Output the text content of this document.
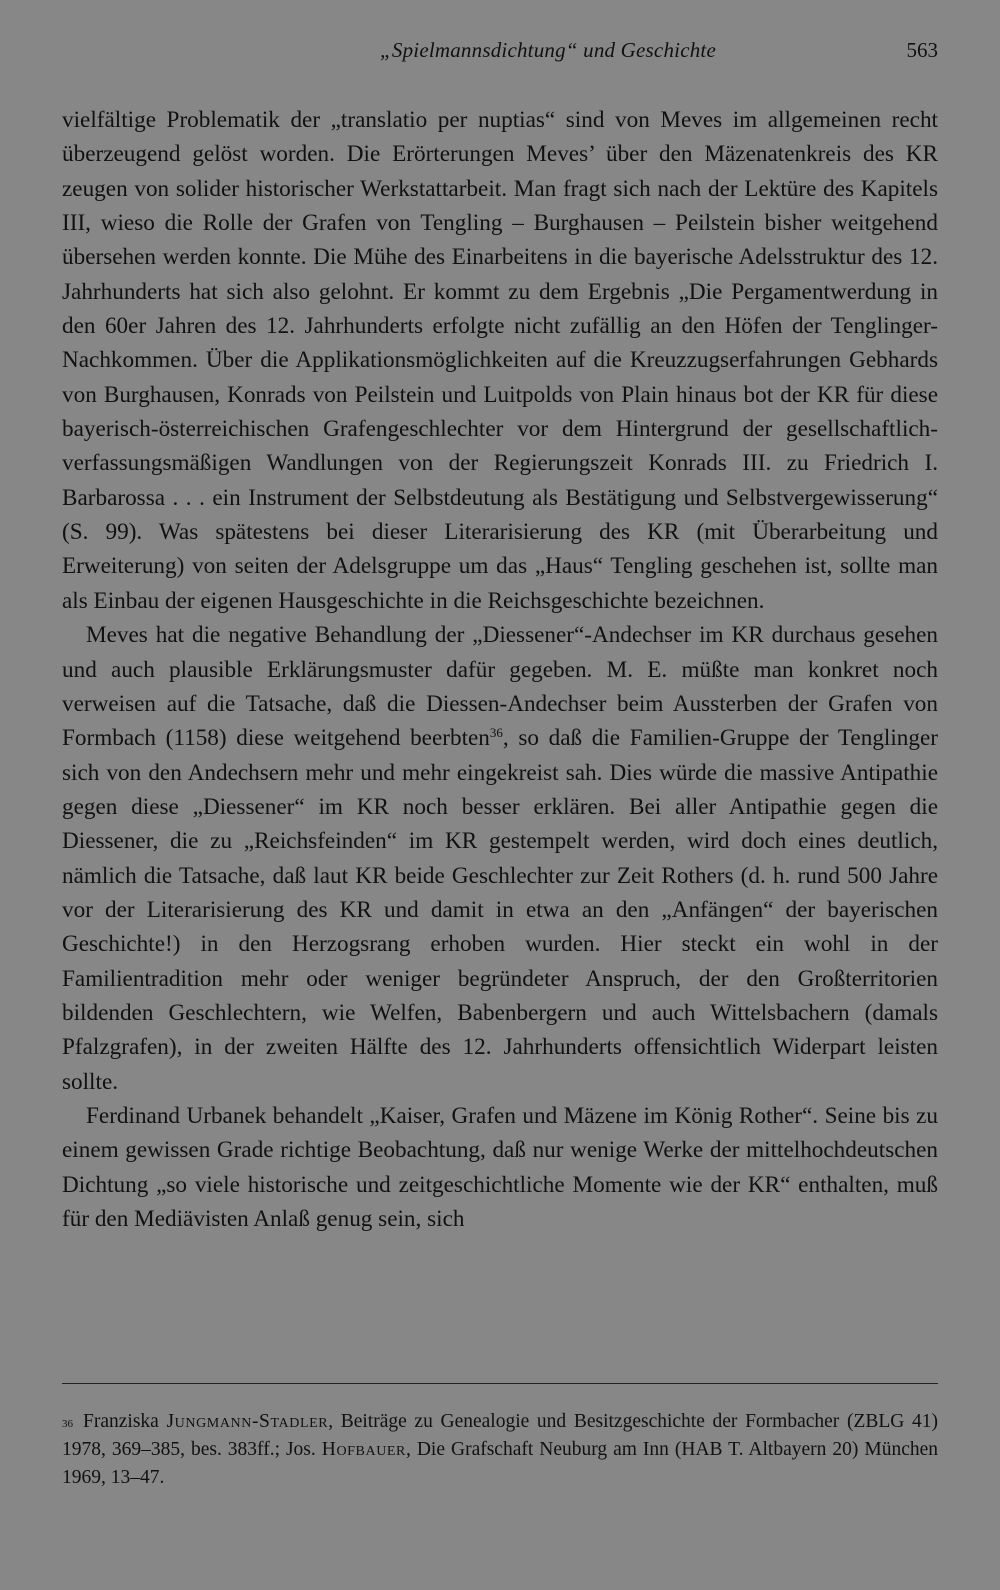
„Spielmannsdichtung“ und Geschichte	563

vielfältige Problematik der „translatio per nuptias“ sind von Meves im allgemeinen recht überzeugend gelöst worden. Die Erörterungen Meves’ über den Mäzenatenkreis des KR zeugen von solider historischer Werkstattarbeit. Man fragt sich nach der Lektüre des Kapitels III, wieso die Rolle der Grafen von Tengling – Burghausen – Peilstein bisher weitgehend übersehen werden konnte. Die Mühe des Einarbeitens in die bayerische Adelsstruktur des 12. Jahrhunderts hat sich also gelohnt. Er kommt zu dem Ergebnis „Die Pergamentwerdung in den 60er Jahren des 12. Jahrhunderts erfolgte nicht zufällig an den Höfen der Tenglinger-Nachkommen. Über die Applikationsmöglichkeiten auf die Kreuzzugserfahrungen Gebhards von Burghausen, Konrads von Peilstein und Luitpolds von Plain hinaus bot der KR für diese bayerisch-österreichischen Grafengeschlechter vor dem Hintergrund der gesellschaftlich-verfassungsmäßigen Wandlungen von der Regierungszeit Konrads III. zu Friedrich I. Barbarossa . . . ein Instrument der Selbstdeutung als Bestätigung und Selbstvergewisserung“ (S. 99). Was spätestens bei dieser Literarisierung des KR (mit Überarbeitung und Erweiterung) von seiten der Adelsgruppe um das „Haus“ Tengling geschehen ist, sollte man als Einbau der eigenen Hausgeschichte in die Reichsgeschichte bezeichnen.

Meves hat die negative Behandlung der „Diessener“-Andechser im KR durchaus gesehen und auch plausible Erklärungsmuster dafür gegeben. M. E. müßte man konkret noch verweisen auf die Tatsache, daß die Diessen-Andechser beim Aussterben der Grafen von Formbach (1158) diese weitgehend beerbten$^{36}$, so daß die Familien-Gruppe der Tenglinger sich von den Andechsern mehr und mehr eingekreist sah. Dies würde die massive Antipathie gegen diese „Diessener“ im KR noch besser erklären. Bei aller Antipathie gegen die Diessener, die zu „Reichsfeinden“ im KR gestempelt werden, wird doch eines deutlich, nämlich die Tatsache, daß laut KR beide Geschlechter zur Zeit Rothers (d. h. rund 500 Jahre vor der Literarisierung des KR und damit in etwa an den „Anfängen“ der bayerischen Geschichte!) in den Herzogsrang erhoben wurden. Hier steckt ein wohl in der Familientradition mehr oder weniger begründeter Anspruch, der den Großterritorien bildenden Geschlechtern, wie Welfen, Babenbergern und auch Wittelsbachern (damals Pfalzgrafen), in der zweiten Hälfte des 12. Jahrhunderts offensichtlich Widerpart leisten sollte.

Ferdinand Urbanek behandelt „Kaiser, Grafen und Mäzene im König Rother“. Seine bis zu einem gewissen Grade richtige Beobachtung, daß nur wenige Werke der mittelhochdeutschen Dichtung „so viele historische und zeitgeschichtliche Momente wie der KR“ enthalten, muß für den Mediävisten Anlaß genug sein, sich

$^{36}$ Franziska Jungmann-Stadler, Beiträge zu Genealogie und Besitzgeschichte der Formbacher (ZBLG 41) 1978, 369–385, bes. 383ff.; Jos. Hofbauer, Die Grafschaft Neuburg am Inn (HAB T. Altbayern 20) München 1969, 13–47.
